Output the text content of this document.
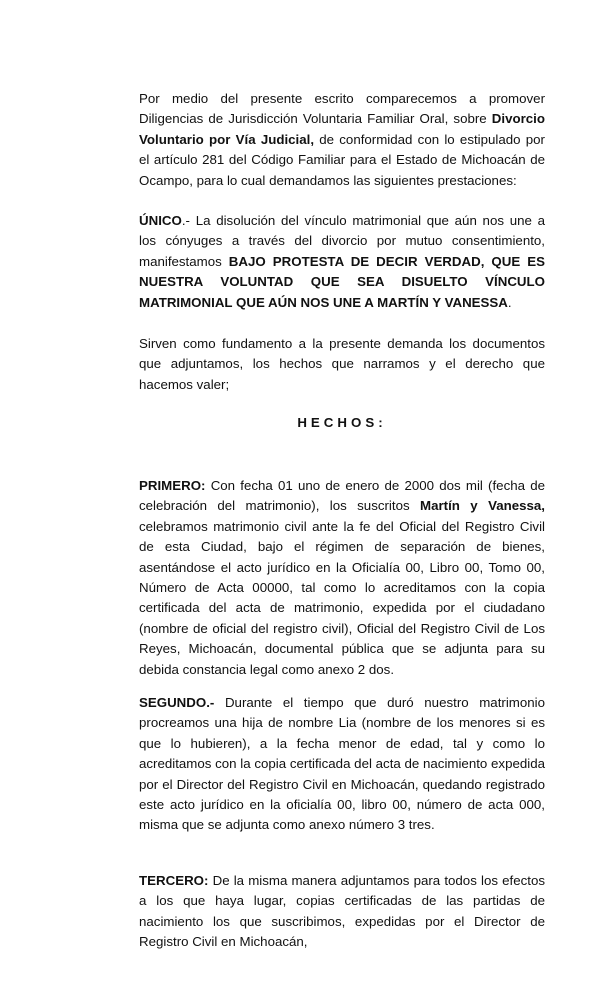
Por medio del presente escrito comparecemos a promover Diligencias de Jurisdicción Voluntaria Familiar Oral, sobre Divorcio Voluntario por Vía Judicial, de conformidad con lo estipulado por el artículo 281 del Código Familiar para el Estado de Michoacán de Ocampo, para lo cual demandamos las siguientes prestaciones:

ÚNICO.- La disolución del vínculo matrimonial que aún nos une a los cónyuges a través del divorcio por mutuo consentimiento, manifestamos BAJO PROTESTA DE DECIR VERDAD, QUE ES NUESTRA VOLUNTAD QUE SEA DISUELTO VÍNCULO MATRIMONIAL QUE AÚN NOS UNE A MARTÍN Y VANESSA.

Sirven como fundamento a la presente demanda los documentos que adjuntamos, los hechos que narramos y el derecho que hacemos valer;

HECHOS:

PRIMERO: Con fecha 01 uno de enero de 2000 dos mil (fecha de celebración del matrimonio), los suscritos Martín y Vanessa, celebramos matrimonio civil ante la fe del Oficial del Registro Civil de esta Ciudad, bajo el régimen de separación de bienes, asentándose el acto jurídico en la Oficialía 00, Libro 00, Tomo 00, Número de Acta 00000, tal como lo acreditamos con la copia certificada del acta de matrimonio, expedida por el ciudadano (nombre de oficial del registro civil), Oficial del Registro Civil de Los Reyes, Michoacán, documental pública que se adjunta para su debida constancia legal como anexo 2 dos.

SEGUNDO.- Durante el tiempo que duró nuestro matrimonio procreamos una hija de nombre Lia (nombre de los menores si es que lo hubieren), a la fecha menor de edad, tal y como lo acreditamos con la copia certificada del acta de nacimiento expedida por el Director del Registro Civil en Michoacán, quedando registrado este acto jurídico en la oficialía 00, libro 00, número de acta 000, misma que se adjunta como anexo número 3 tres.

TERCERO: De la misma manera adjuntamos para todos los efectos a los que haya lugar, copias certificadas de las partidas de nacimiento los que suscribimos, expedidas por el Director de Registro Civil en Michoacán,
